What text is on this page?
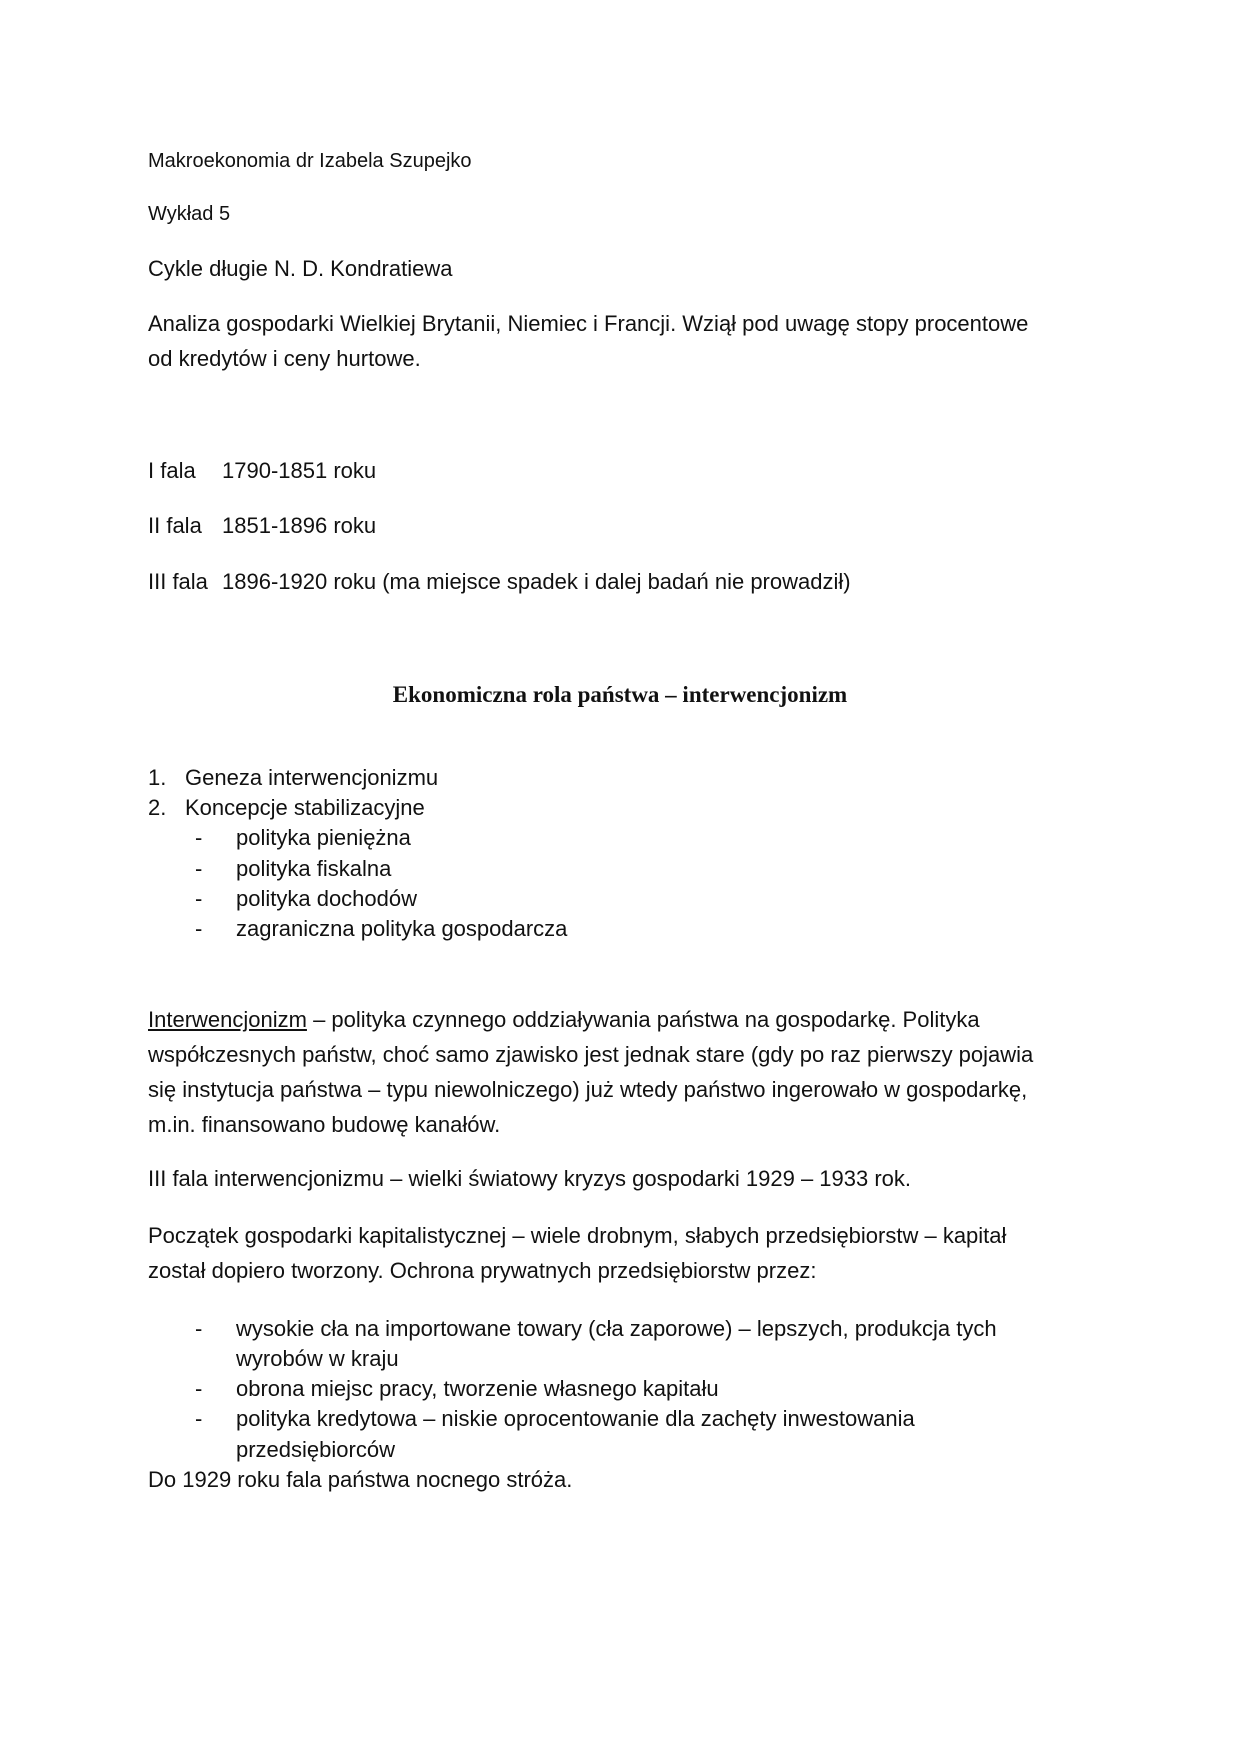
Makroekonomia dr Izabela Szupejko
Wykład 5
Cykle długie N. D. Kondratiewa
Analiza gospodarki Wielkiej Brytanii, Niemiec i Francji. Wziął pod uwagę stopy procentowe
od kredytów i ceny hurtowe.
I fala 1790-1851 roku
II fala 1851-1896 roku
III fala 1896-1920 roku (ma miejsce spadek i dalej badań nie prowadził)
Ekonomiczna rola państwa – interwencjonizm
1. Geneza interwencjonizmu
2. Koncepcje stabilizacyjne
- polityka pieniężna
- polityka fiskalna
- polityka dochodów
- zagraniczna polityka gospodarcza
Interwencjonizm – polityka czynnego oddziaływania państwa na gospodarkę. Polityka
współczesnych państw, choć samo zjawisko jest jednak stare (gdy po raz pierwszy pojawia
się instytucja państwa – typu niewolniczego) już wtedy państwo ingerowało w gospodarkę,
m.in. finansowano budowę kanałów.
III fala interwencjonizmu – wielki światowy kryzys gospodarki 1929 – 1933 rok.
Początek gospodarki kapitalistycznej – wiele drobnym, słabych przedsiębiorstw – kapitał
został dopiero tworzony. Ochrona prywatnych przedsiębiorstw przez:
- wysokie cła na importowane towary (cła zaporowe) – lepszych, produkcja tych
wyrobów w kraju
- obrona miejsc pracy, tworzenie własnego kapitału
- polityka kredytowa – niskie oprocentowanie dla zachęty inwestowania
przedsiębiorców
Do 1929 roku fala państwa nocnego stróża.
